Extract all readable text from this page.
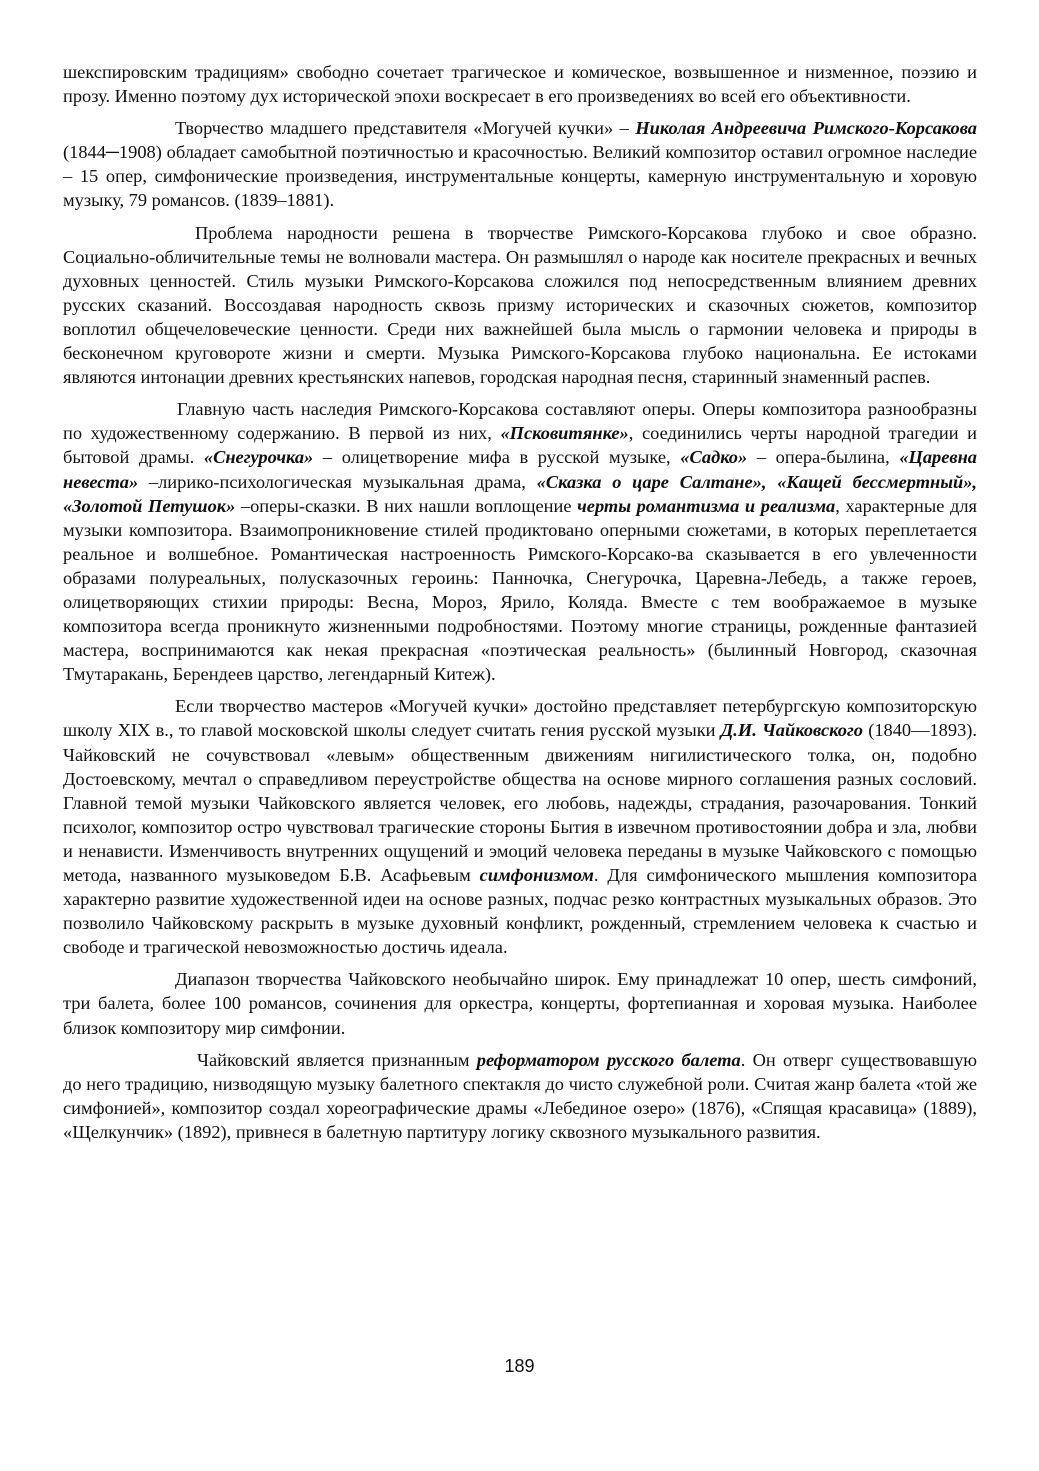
шекспировским традициям» свободно сочетает трагическое и комическое, возвышенное и низменное, поэзию и прозу. Именно поэтому дух исторической эпохи воскресает в его произведениях во всей его объективности.

Творчество младшего представителя «Могучей кучки» – Николая Андреевича Римского-Корсакова (1844─1908) обладает самобытной поэтичностью и красочностью. Великий композитор оставил огромное наследие – 15 опер, симфонические произведения, инструментальные концерты, камерную инструментальную и хоровую музыку, 79 романсов. (1839–1881).

Проблема народности решена в творчестве Римского-Корсакова глубоко и свое образно. Социально-обличительные темы не волновали мастера. Он размышлял о народе как носителе прекрасных и вечных духовных ценностей. Стиль музыки Римского-Корсакова сложился под непосредственным влиянием древних русских сказаний. Воссоздавая народность сквозь призму исторических и сказочных сюжетов, композитор воплотил общечеловеческие ценности. Среди них важнейшей была мысль о гармонии человека и природы в бесконечном круговороте жизни и смерти. Музыка Римского-Корсакова глубоко национальна. Ее истоками являются интонации древних крестьянских напевов, городская народная песня, старинный знаменный распев.

Главную часть наследия Римского-Корсакова составляют оперы. Оперы композитора разнообразны по художественному содержанию. В первой из них, «Псковитянке», соединились черты народной трагедии и бытовой драмы. «Снегурочка» – олицетворение мифа в русской музыке, «Садко» – опера-былина, «Царевна невеста» –лирико-психологическая музыкальная драма, «Сказка о царе Салтане», «Кащей бессмертный», «Золотой Петушок» –оперы-сказки. В них нашли воплощение черты романтизма и реализма, характерные для музыки композитора. Взаимопроникновение стилей продиктовано оперными сюжетами, в которых переплетается реальное и волшебное. Романтическая настроенность Римского-Корсако-ва сказывается в его увлеченности образами полуреальных, полусказочных героинь: Панночка, Снегурочка, Царевна-Лебедь, а также героев, олицетворяющих стихии природы: Весна, Мороз, Ярило, Коляда. Вместе с тем воображаемое в музыке композитора всегда проникнуто жизненными подробностями. Поэтому многие страницы, рожденные фантазией мастера, воспринимаются как некая прекрасная «поэтическая реальность» (былинный Новгород, сказочная Тмутаракань, Берендеев царство, легендарный Китеж).

Если творчество мастеров «Могучей кучки» достойно представляет петербургскую композиторскую школу XIX в., то главой московской школы следует считать гения русской музыки Д.И. Чайковского (1840—1893). Чайковский не сочувствовал «левым» общественным движениям нигилистического толка, он, подобно Достоевскому, мечтал о справедливом переустройстве общества на основе мирного соглашения разных сословий. Главной темой музыки Чайковского является человек, его любовь, надежды, страдания, разочарования. Тонкий психолог, композитор остро чувствовал трагические стороны Бытия в извечном противостоянии добра и зла, любви и ненависти. Изменчивость внутренних ощущений и эмоций человека переданы в музыке Чайковского с помощью метода, названного музыковедом Б.В. Асафьевым симфонизмом. Для симфонического мышления композитора характерно развитие художественной идеи на основе разных, подчас резко контрастных музыкальных образов. Это позволило Чайковскому раскрыть в музыке духовный конфликт, рожденный, стремлением человека к счастью и свободе и трагической невозможностью достичь идеала.

Диапазон творчества Чайковского необычайно широк. Ему принадлежат 10 опер, шесть симфоний, три балета, более 100 романсов, сочинения для оркестра, концерты, фортепианная и хоровая музыка. Наиболее близок композитору мир симфонии.

Чайковский является признанным реформатором русского балета. Он отверг существовавшую до него традицию, низводящую музыку балетного спектакля до чисто служебной роли. Считая жанр балета «той же симфонией», композитор создал хореографические драмы «Лебединое озеро» (1876), «Спящая красавица» (1889), «Щелкунчик» (1892), привнеся в балетную партитуру логику сквозного музыкального развития.

189
